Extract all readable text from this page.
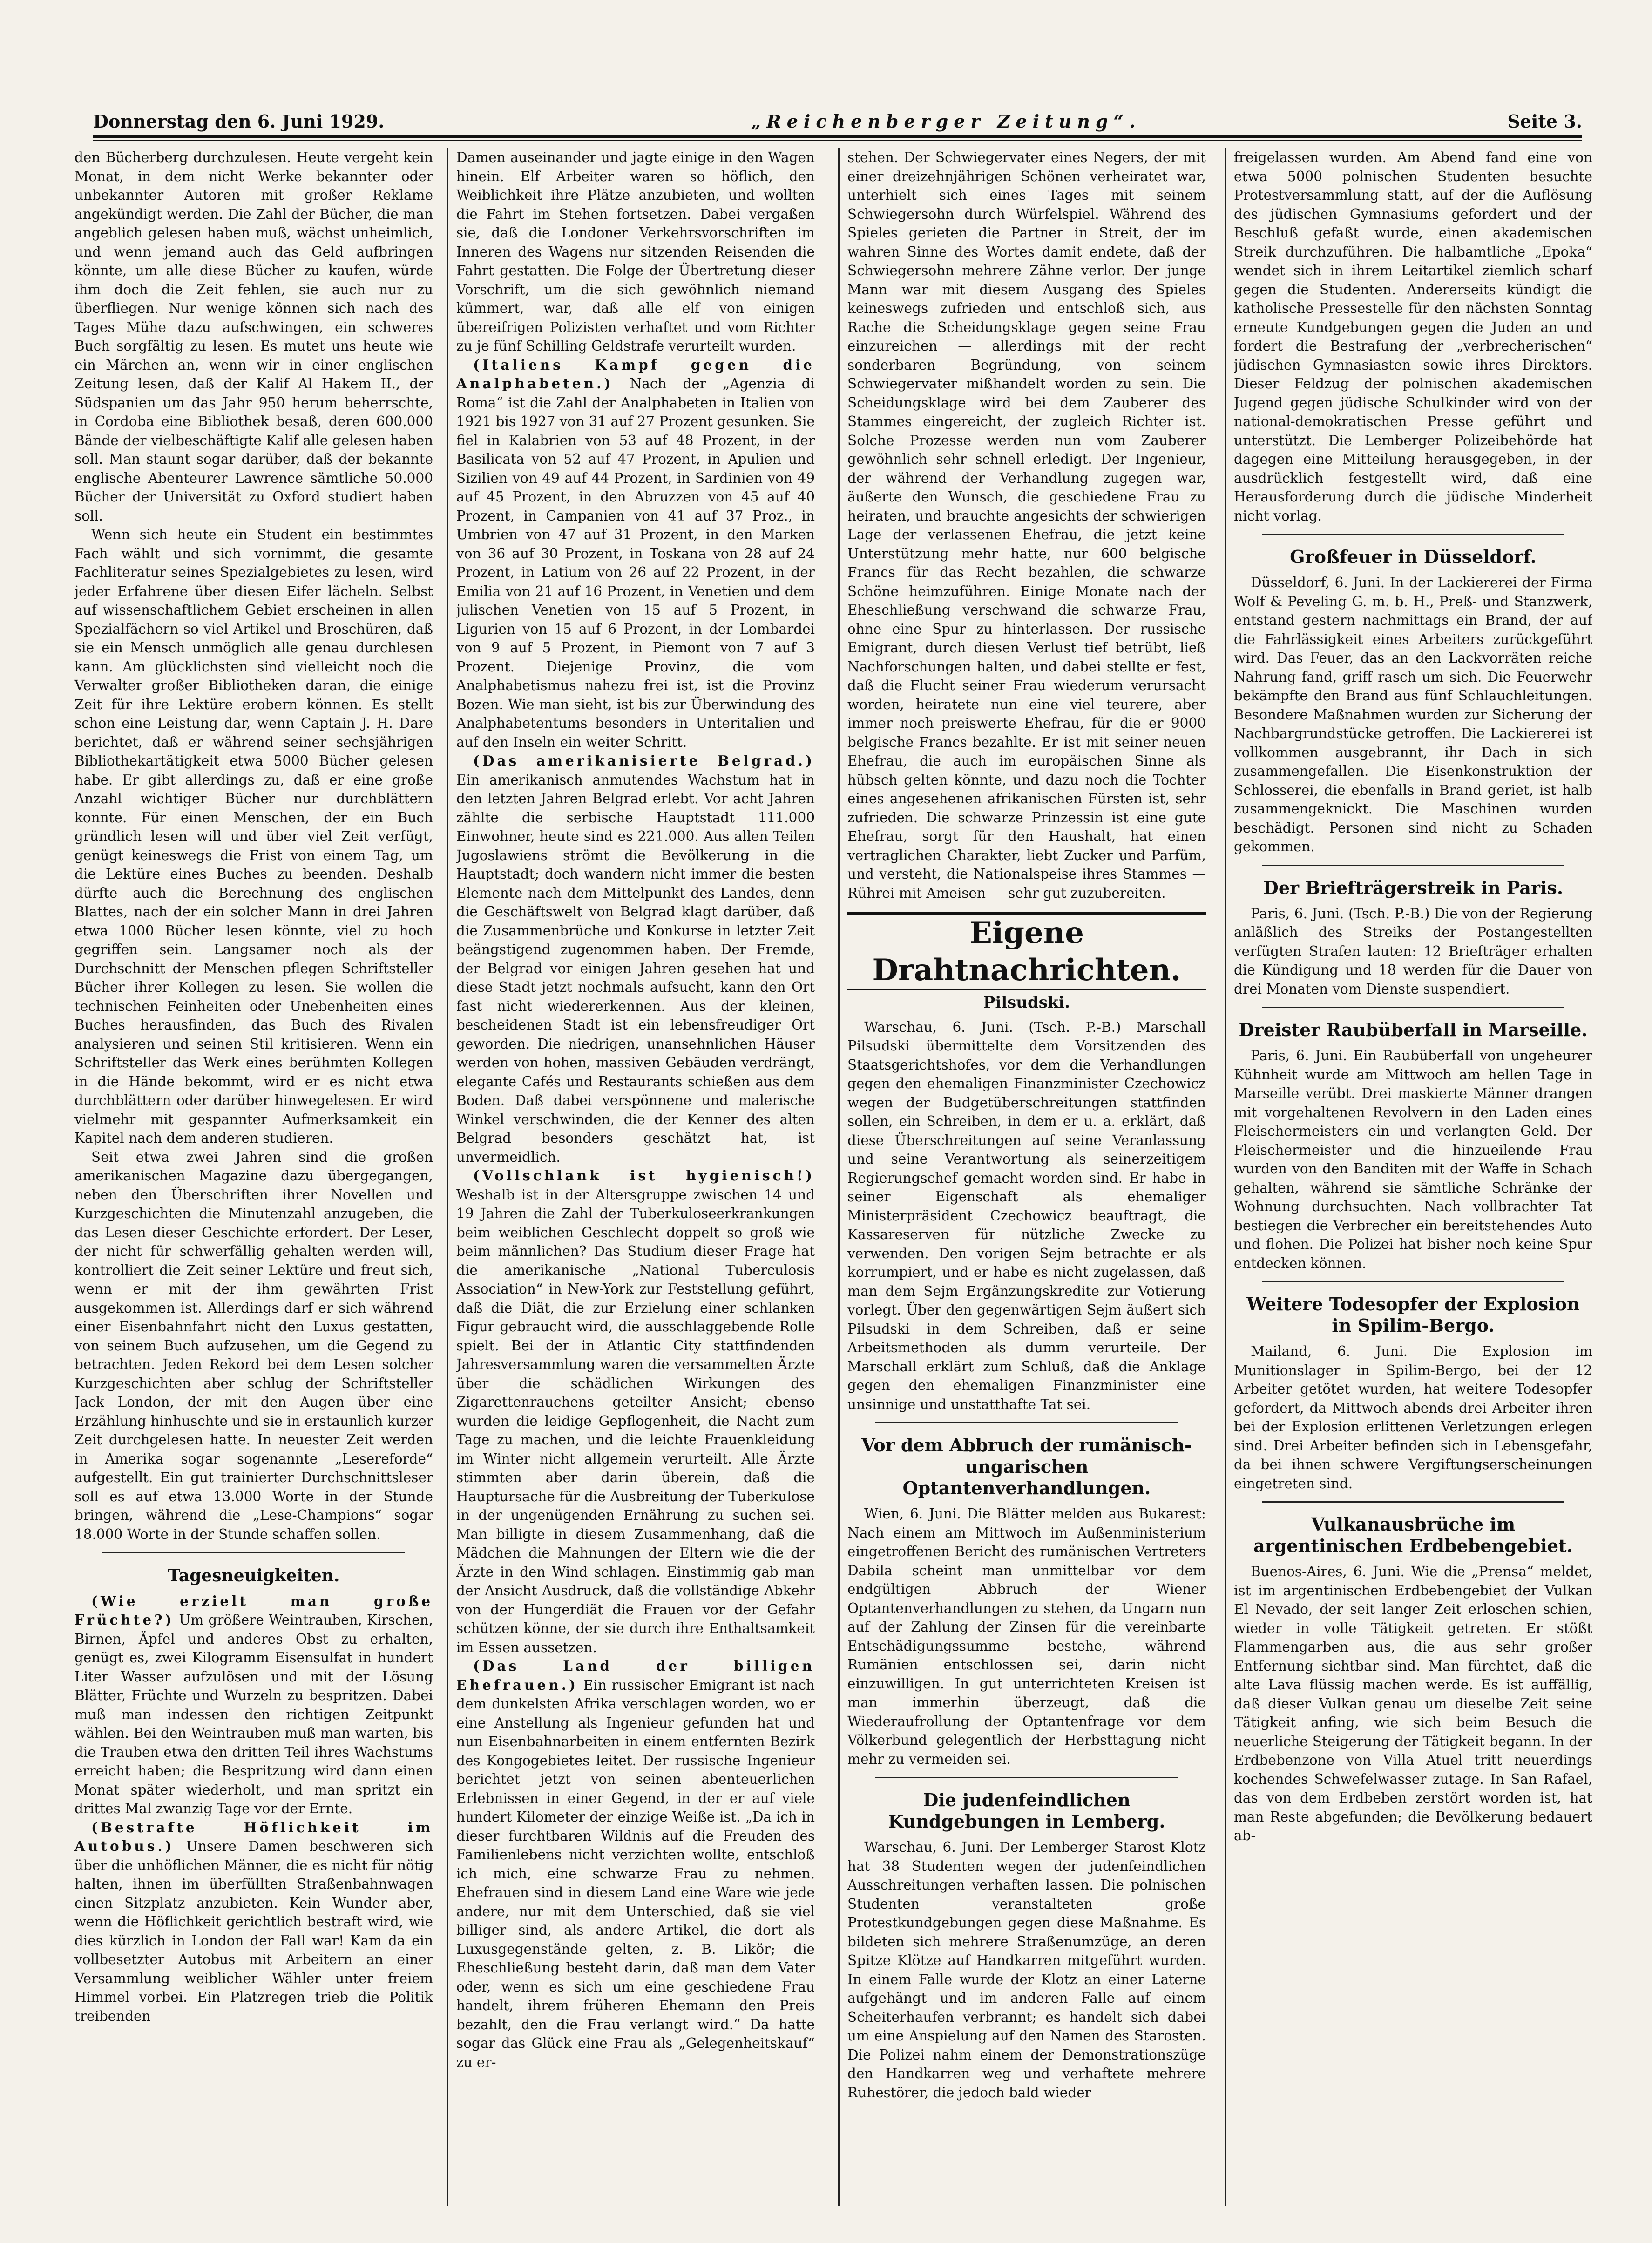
Donnerstag den 6. Juni 1929.	„Reichenberger Zeitung“.	Seite 3.

den Bücherberg durchzulesen. Heute vergeht kein Monat, in dem nicht Werke bekannter oder unbekannter Autoren mit großer Reklame angekündigt werden. Die Zahl der Bücher, die man angeblich gelesen haben muß, wächst unheimlich, und wenn jemand auch das Geld aufbringen könnte, um alle diese Bücher zu kaufen, würde ihm doch die Zeit fehlen, sie auch nur zu überfliegen. Nur wenige können sich nach des Tages Mühe dazu aufschwingen, ein schweres Buch sorgfältig zu lesen. Es mutet uns heute wie ein Märchen an, wenn wir in einer englischen Zeitung lesen, daß der Kalif Al Hakem II., der Südspanien um das Jahr 950 herum beherrschte, in Cordoba eine Bibliothek besaß, deren 600.000 Bände der vielbeschäftigte Kalif alle gelesen haben soll. Man staunt sogar darüber, daß der bekannte englische Abenteurer Lawrence sämtliche 50.000 Bücher der Universität zu Oxford studiert haben soll.

Wenn sich heute ein Student ein bestimmtes Fach wählt und sich vornimmt, die gesamte Fachliteratur seines Spezialgebietes zu lesen, wird jeder Erfahrene über diesen Eifer lächeln. Selbst auf wissenschaftlichem Gebiet erscheinen in allen Spezialfächern so viel Artikel und Broschüren, daß sie ein Mensch unmöglich alle genau durchlesen kann. Am glücklichsten sind vielleicht noch die Verwalter großer Bibliotheken daran, die einige Zeit für ihre Lektüre erobern können. Es stellt schon eine Leistung dar, wenn Captain J. H. Dare berichtet, daß er während seiner sechsjährigen Bibliothekartätigkeit etwa 5000 Bücher gelesen habe. Er gibt allerdings zu, daß er eine große Anzahl wichtiger Bücher nur durchblättern konnte. Für einen Menschen, der ein Buch gründlich lesen will und über viel Zeit verfügt, genügt keineswegs die Frist von einem Tag, um die Lektüre eines Buches zu beenden. Deshalb dürfte auch die Berechnung des englischen Blattes, nach der ein solcher Mann in drei Jahren etwa 1000 Bücher lesen könnte, viel zu hoch gegriffen sein. Langsamer noch als der Durchschnitt der Menschen pflegen Schriftsteller Bücher ihrer Kollegen zu lesen. Sie wollen die technischen Feinheiten oder Unebenheiten eines Buches herausfinden, das Buch des Rivalen analysieren und seinen Stil kritisieren. Wenn ein Schriftsteller das Werk eines berühmten Kollegen in die Hände bekommt, wird er es nicht etwa durchblättern oder darüber hinwegelesen. Er wird vielmehr mit gespannter Aufmerksamkeit ein Kapitel nach dem anderen studieren.

Seit etwa zwei Jahren sind die großen amerikanischen Magazine dazu übergegangen, neben den Überschriften ihrer Novellen und Kurzgeschichten die Minutenzahl anzugeben, die das Lesen dieser Geschichte erfordert. Der Leser, der nicht für schwerfällig gehalten werden will, kontrolliert die Zeit seiner Lektüre und freut sich, wenn er mit der ihm gewährten Frist ausgekommen ist. Allerdings darf er sich während einer Eisenbahnfahrt nicht den Luxus gestatten, von seinem Buch aufzusehen, um die Gegend zu betrachten. Jeden Rekord bei dem Lesen solcher Kurzgeschichten aber schlug der Schriftsteller Jack London, der mit den Augen über eine Erzählung hinhuschte und sie in erstaunlich kurzer Zeit durchgelesen hatte. In neuester Zeit werden in Amerika sogar sogenannte „Lesereforde“ aufgestellt. Ein gut trainierter Durchschnittsleser soll es auf etwa 13.000 Worte in der Stunde bringen, während die „Lese-Champions“ sogar 18.000 Worte in der Stunde schaffen sollen.

Tagesneuigkeiten.

(Wie erzielt man große Früchte?) Um größere Weintrauben, Kirschen, Birnen, Äpfel und anderes Obst zu erhalten, genügt es, zwei Kilogramm Eisensulfat in hundert Liter Wasser aufzulösen und mit der Lösung Blätter, Früchte und Wurzeln zu bespritzen. Dabei muß man indessen den richtigen Zeitpunkt wählen. Bei den Weintrauben muß man warten, bis die Trauben etwa den dritten Teil ihres Wachstums erreicht haben; die Bespritzung wird dann einen Monat später wiederholt, und man spritzt ein drittes Mal zwanzig Tage vor der Ernte.

(Bestrafte Höflichkeit im Autobus.) Unsere Damen beschweren sich über die unhöflichen Männer, die es nicht für nötig halten, ihnen im überfüllten Straßenbahnwagen einen Sitzplatz anzubieten. Kein Wunder aber, wenn die Höflichkeit gerichtlich bestraft wird, wie dies kürzlich in London der Fall war! Kam da ein vollbesetzter Autobus mit Arbeitern an einer Versammlung weiblicher Wähler unter freiem Himmel vorbei. Ein Platzregen trieb die Politik treibenden

Damen auseinander und jagte einige in den Wagen hinein. Elf Arbeiter waren so höflich, den Weiblichkeit ihre Plätze anzubieten, und wollten die Fahrt im Stehen fortsetzen. Dabei vergaßen sie, daß die Londoner Verkehrsvorschriften im Inneren des Wagens nur sitzenden Reisenden die Fahrt gestatten. Die Folge der Übertretung dieser Vorschrift, um die sich gewöhnlich niemand kümmert, war, daß alle elf von einigen übereifrigen Polizisten verhaftet und vom Richter zu je fünf Schilling Geldstrafe verurteilt wurden.

(Italiens Kampf gegen die Analphabeten.) Nach der „Agenzia di Roma“ ist die Zahl der Analphabeten in Italien von 1921 bis 1927 von 31 auf 27 Prozent gesunken. Sie fiel in Kalabrien von 53 auf 48 Prozent, in der Basilicata von 52 auf 47 Prozent, in Apulien und Sizilien von 49 auf 44 Prozent, in Sardinien von 49 auf 45 Prozent, in den Abruzzen von 45 auf 40 Prozent, in Campanien von 41 auf 37 Proz., in Umbrien von 47 auf 31 Prozent, in den Marken von 36 auf 30 Prozent, in Toskana von 28 auf 24 Prozent, in Latium von 26 auf 22 Prozent, in der Emilia von 21 auf 16 Prozent, in Venetien und dem julischen Venetien von 15 auf 5 Prozent, in Ligurien von 15 auf 6 Prozent, in der Lombardei von 9 auf 5 Prozent, in Piemont von 7 auf 3 Prozent. Diejenige Provinz, die vom Analphabetismus nahezu frei ist, ist die Provinz Bozen. Wie man sieht, ist bis zur Überwindung des Analphabetentums besonders in Unteritalien und auf den Inseln ein weiter Schritt.

(Das amerikanisierte Belgrad.) Ein amerikanisch anmutendes Wachstum hat in den letzten Jahren Belgrad erlebt. Vor acht Jahren zählte die serbische Hauptstadt 111.000 Einwohner, heute sind es 221.000. Aus allen Teilen Jugoslawiens strömt die Bevölkerung in die Hauptstadt; doch wandern nicht immer die besten Elemente nach dem Mittelpunkt des Landes, denn die Geschäftswelt von Belgrad klagt darüber, daß die Zusammenbrüche und Konkurse in letzter Zeit beängstigend zugenommen haben. Der Fremde, der Belgrad vor einigen Jahren gesehen hat und diese Stadt jetzt nochmals aufsucht, kann den Ort fast nicht wiedererkennen. Aus der kleinen, bescheidenen Stadt ist ein lebensfreudiger Ort geworden. Die niedrigen, unansehnlichen Häuser werden von hohen, massiven Gebäuden verdrängt, elegante Cafés und Restaurants schießen aus dem Boden. Daß dabei verspönnene und malerische Winkel verschwinden, die der Kenner des alten Belgrad besonders geschätzt hat, ist unvermeidlich.

(Vollschlank ist hygienisch!) Weshalb ist in der Altersgruppe zwischen 14 und 19 Jahren die Zahl der Tuberkuloseerkrankungen beim weiblichen Geschlecht doppelt so groß wie beim männlichen? Das Studium dieser Frage hat die amerikanische „National Tuberculosis Association“ in New-York zur Feststellung geführt, daß die Diät, die zur Erzielung einer schlanken Figur gebraucht wird, die ausschlaggebende Rolle spielt. Bei der in Atlantic City stattfindenden Jahresversammlung waren die versammelten Ärzte über die schädlichen Wirkungen des Zigarettenrauchens geteilter Ansicht; ebenso wurden die leidige Gepflogenheit, die Nacht zum Tage zu machen, und die leichte Frauenkleidung im Winter nicht allgemein verurteilt. Alle Ärzte stimmten aber darin überein, daß die Hauptursache für die Ausbreitung der Tuberkulose in der ungenügenden Ernährung zu suchen sei. Man billigte in diesem Zusammenhang, daß die Mädchen die Mahnungen der Eltern wie die der Ärzte in den Wind schlagen. Einstimmig gab man der Ansicht Ausdruck, daß die vollständige Abkehr von der Hungerdiät die Frauen vor der Gefahr schützen könne, der sie durch ihre Enthaltsamkeit im Essen aussetzen.

(Das Land der billigen Ehefrauen.) Ein russischer Emigrant ist nach dem dunkelsten Afrika verschlagen worden, wo er eine Anstellung als Ingenieur gefunden hat und nun Eisenbahnarbeiten in einem entfernten Bezirk des Kongogebietes leitet. Der russische Ingenieur berichtet jetzt von seinen abenteuerlichen Erlebnissen in einer Gegend, in der er auf viele hundert Kilometer der einzige Weiße ist. „Da ich in dieser furchtbaren Wildnis auf die Freuden des Familienlebens nicht verzichten wollte, entschloß ich mich, eine schwarze Frau zu nehmen. Ehefrauen sind in diesem Land eine Ware wie jede andere, nur mit dem Unterschied, daß sie viel billiger sind, als andere Artikel, die dort als Luxusgegenstände gelten, z. B. Likör; die Eheschließung besteht darin, daß man dem Vater oder, wenn es sich um eine geschiedene Frau handelt, ihrem früheren Ehemann den Preis bezahlt, den die Frau verlangt wird.“ Da hatte sogar das Glück eine Frau als „Gelegenheitskauf“ zu er-

stehen. Der Schwiegervater eines Negers, der mit einer dreizehnjährigen Schönen verheiratet war, unterhielt sich eines Tages mit seinem Schwiegersohn durch Würfelspiel. Während des Spieles gerieten die Partner in Streit, der im wahren Sinne des Wortes damit endete, daß der Schwiegersohn mehrere Zähne verlor. Der junge Mann war mit diesem Ausgang des Spieles keineswegs zufrieden und entschloß sich, aus Rache die Scheidungsklage gegen seine Frau einzureichen — allerdings mit der recht sonderbaren Begründung, von seinem Schwiegervater mißhandelt worden zu sein. Die Scheidungsklage wird bei dem Zauberer des Stammes eingereicht, der zugleich Richter ist. Solche Prozesse werden nun vom Zauberer gewöhnlich sehr schnell erledigt. Der Ingenieur, der während der Verhandlung zugegen war, äußerte den Wunsch, die geschiedene Frau zu heiraten, und brauchte angesichts der schwierigen Lage der verlassenen Ehefrau, die jetzt keine Unterstützung mehr hatte, nur 600 belgische Francs für das Recht bezahlen, die schwarze Schöne heimzuführen. Einige Monate nach der Eheschließung verschwand die schwarze Frau, ohne eine Spur zu hinterlassen. Der russische Emigrant, durch diesen Verlust tief betrübt, ließ Nachforschungen halten, und dabei stellte er fest, daß die Flucht seiner Frau wiederum verursacht worden, heiratete nun eine viel teurere, aber immer noch preiswerte Ehefrau, für die er 9000 belgische Francs bezahlte. Er ist mit seiner neuen Ehefrau, die auch im europäischen Sinne als hübsch gelten könnte, und dazu noch die Tochter eines angesehenen afrikanischen Fürsten ist, sehr zufrieden. Die schwarze Prinzessin ist eine gute Ehefrau, sorgt für den Haushalt, hat einen vertraglichen Charakter, liebt Zucker und Parfüm, und versteht, die Nationalspeise ihres Stammes — Rührei mit Ameisen — sehr gut zuzubereiten.

Eigene Drahtnachrichten.
Pilsudski.

Warschau, 6. Juni. (Tsch. P.-B.) Marschall Pilsudski übermittelte dem Vorsitzenden des Staatsgerichtshofes, vor dem die Verhandlungen gegen den ehemaligen Finanzminister Czechowicz wegen der Budgetüberschreitungen stattfinden sollen, ein Schreiben, in dem er u. a. erklärt, daß diese Überschreitungen auf seine Veranlassung und seine Verantwortung als seinerzeitigem Regierungschef gemacht worden sind. Er habe in seiner Eigenschaft als ehemaliger Ministerpräsident Czechowicz beauftragt, die Kassareserven für nützliche Zwecke zu verwenden. Den vorigen Sejm betrachte er als korrumpiert, und er habe es nicht zugelassen, daß man dem Sejm Ergänzungskredite zur Votierung vorlegt. Über den gegenwärtigen Sejm äußert sich Pilsudski in dem Schreiben, daß er seine Arbeitsmethoden als dumm verurteile. Der Marschall erklärt zum Schluß, daß die Anklage gegen den ehemaligen Finanzminister eine unsinnige und unstatthafte Tat sei.

Vor dem Abbruch der rumänisch-ungarischen Optantenverhandlungen.

Wien, 6. Juni. Die Blätter melden aus Bukarest: Nach einem am Mittwoch im Außenministerium eingetroffenen Bericht des rumänischen Vertreters Dabila scheint man unmittelbar vor dem endgültigen Abbruch der Wiener Optantenverhandlungen zu stehen, da Ungarn nun auf der Zahlung der Zinsen für die vereinbarte Entschädigungssumme bestehe, während Rumänien entschlossen sei, darin nicht einzuwilligen. In gut unterrichteten Kreisen ist man immerhin überzeugt, daß die Wiederaufrollung der Optantenfrage vor dem Völkerbund gelegentlich der Herbsttagung nicht mehr zu vermeiden sei.

Die judenfeindlichen Kundgebungen in Lemberg.

Warschau, 6. Juni. Der Lemberger Starost Klotz hat 38 Studenten wegen der judenfeindlichen Ausschreitungen verhaften lassen. Die polnischen Studenten veranstalteten große Protestkundgebungen gegen diese Maßnahme. Es bildeten sich mehrere Straßenumzüge, an deren Spitze Klötze auf Handkarren mitgeführt wurden. In einem Falle wurde der Klotz an einer Laterne aufgehängt und im anderen Falle auf einem Scheiterhaufen verbrannt; es handelt sich dabei um eine Anspielung auf den Namen des Starosten. Die Polizei nahm einem der Demonstrationszüge den Handkarren weg und verhaftete mehrere Ruhestörer, die jedoch bald wieder

freigelassen wurden. Am Abend fand eine von etwa 5000 polnischen Studenten besuchte Protestversammlung statt, auf der die Auflösung des jüdischen Gymnasiums gefordert und der Beschluß gefaßt wurde, einen akademischen Streik durchzuführen. Die halbamtliche „Epoka“ wendet sich in ihrem Leitartikel ziemlich scharf gegen die Studenten. Andererseits kündigt die katholische Pressestelle für den nächsten Sonntag erneute Kundgebungen gegen die Juden an und fordert die Bestrafung der „verbrecherischen“ jüdischen Gymnasiasten sowie ihres Direktors. Dieser Feldzug der polnischen akademischen Jugend gegen jüdische Schulkinder wird von der national-demokratischen Presse geführt und unterstützt. Die Lemberger Polizeibehörde hat dagegen eine Mitteilung herausgegeben, in der ausdrücklich festgestellt wird, daß eine Herausforderung durch die jüdische Minderheit nicht vorlag.

Großfeuer in Düsseldorf.

Düsseldorf, 6. Juni. In der Lackiererei der Firma Wolf & Peveling G. m. b. H., Preß- und Stanzwerk, entstand gestern nachmittags ein Brand, der auf die Fahrlässigkeit eines Arbeiters zurückgeführt wird. Das Feuer, das an den Lackvorräten reiche Nahrung fand, griff rasch um sich. Die Feuerwehr bekämpfte den Brand aus fünf Schlauchleitungen. Besondere Maßnahmen wurden zur Sicherung der Nachbargrundstücke getroffen. Die Lackiererei ist vollkommen ausgebrannt, ihr Dach in sich zusammengefallen. Die Eisenkonstruktion der Schlosserei, die ebenfalls in Brand geriet, ist halb zusammengeknickt. Die Maschinen wurden beschädigt. Personen sind nicht zu Schaden gekommen.

Der Briefträgerstreik in Paris.

Paris, 6. Juni. (Tsch. P.-B.) Die von der Regierung anläßlich des Streiks der Postangestellten verfügten Strafen lauten: 12 Briefträger erhalten die Kündigung und 18 werden für die Dauer von drei Monaten vom Dienste suspendiert.

Dreister Raubüberfall in Marseille.

Paris, 6. Juni. Ein Raubüberfall von ungeheurer Kühnheit wurde am Mittwoch am hellen Tage in Marseille verübt. Drei maskierte Männer drangen mit vorgehaltenen Revolvern in den Laden eines Fleischermeisters ein und verlangten Geld. Der Fleischermeister und die hinzueilende Frau wurden von den Banditen mit der Waffe in Schach gehalten, während sie sämtliche Schränke der Wohnung durchsuchten. Nach vollbrachter Tat bestiegen die Verbrecher ein bereitstehendes Auto und flohen. Die Polizei hat bisher noch keine Spur entdecken können.

Weitere Todesopfer der Explosion in Spilim-Bergo.

Mailand, 6. Juni. Die Explosion im Munitionslager in Spilim-Bergo, bei der 12 Arbeiter getötet wurden, hat weitere Todesopfer gefordert, da Mittwoch abends drei Arbeiter ihren bei der Explosion erlittenen Verletzungen erlegen sind. Drei Arbeiter befinden sich in Lebensgefahr, da bei ihnen schwere Vergiftungserscheinungen eingetreten sind.

Vulkanausbrüche im argentinischen Erdbebengebiet.

Buenos-Aires, 6. Juni. Wie die „Prensa“ meldet, ist im argentinischen Erdbebengebiet der Vulkan El Nevado, der seit langer Zeit erloschen schien, wieder in volle Tätigkeit getreten. Er stößt Flammengarben aus, die aus sehr großer Entfernung sichtbar sind. Man fürchtet, daß die alte Lava flüssig machen werde. Es ist auffällig, daß dieser Vulkan genau um dieselbe Zeit seine Tätigkeit anfing, wie sich beim Besuch die neuerliche Steigerung der Tätigkeit begann. In der Erdbebenzone von Villa Atuel tritt neuerdings kochendes Schwefelwasser zutage. In San Rafael, das von dem Erdbeben zerstört worden ist, hat man Reste abgefunden; die Bevölkerung bedauert ab-
